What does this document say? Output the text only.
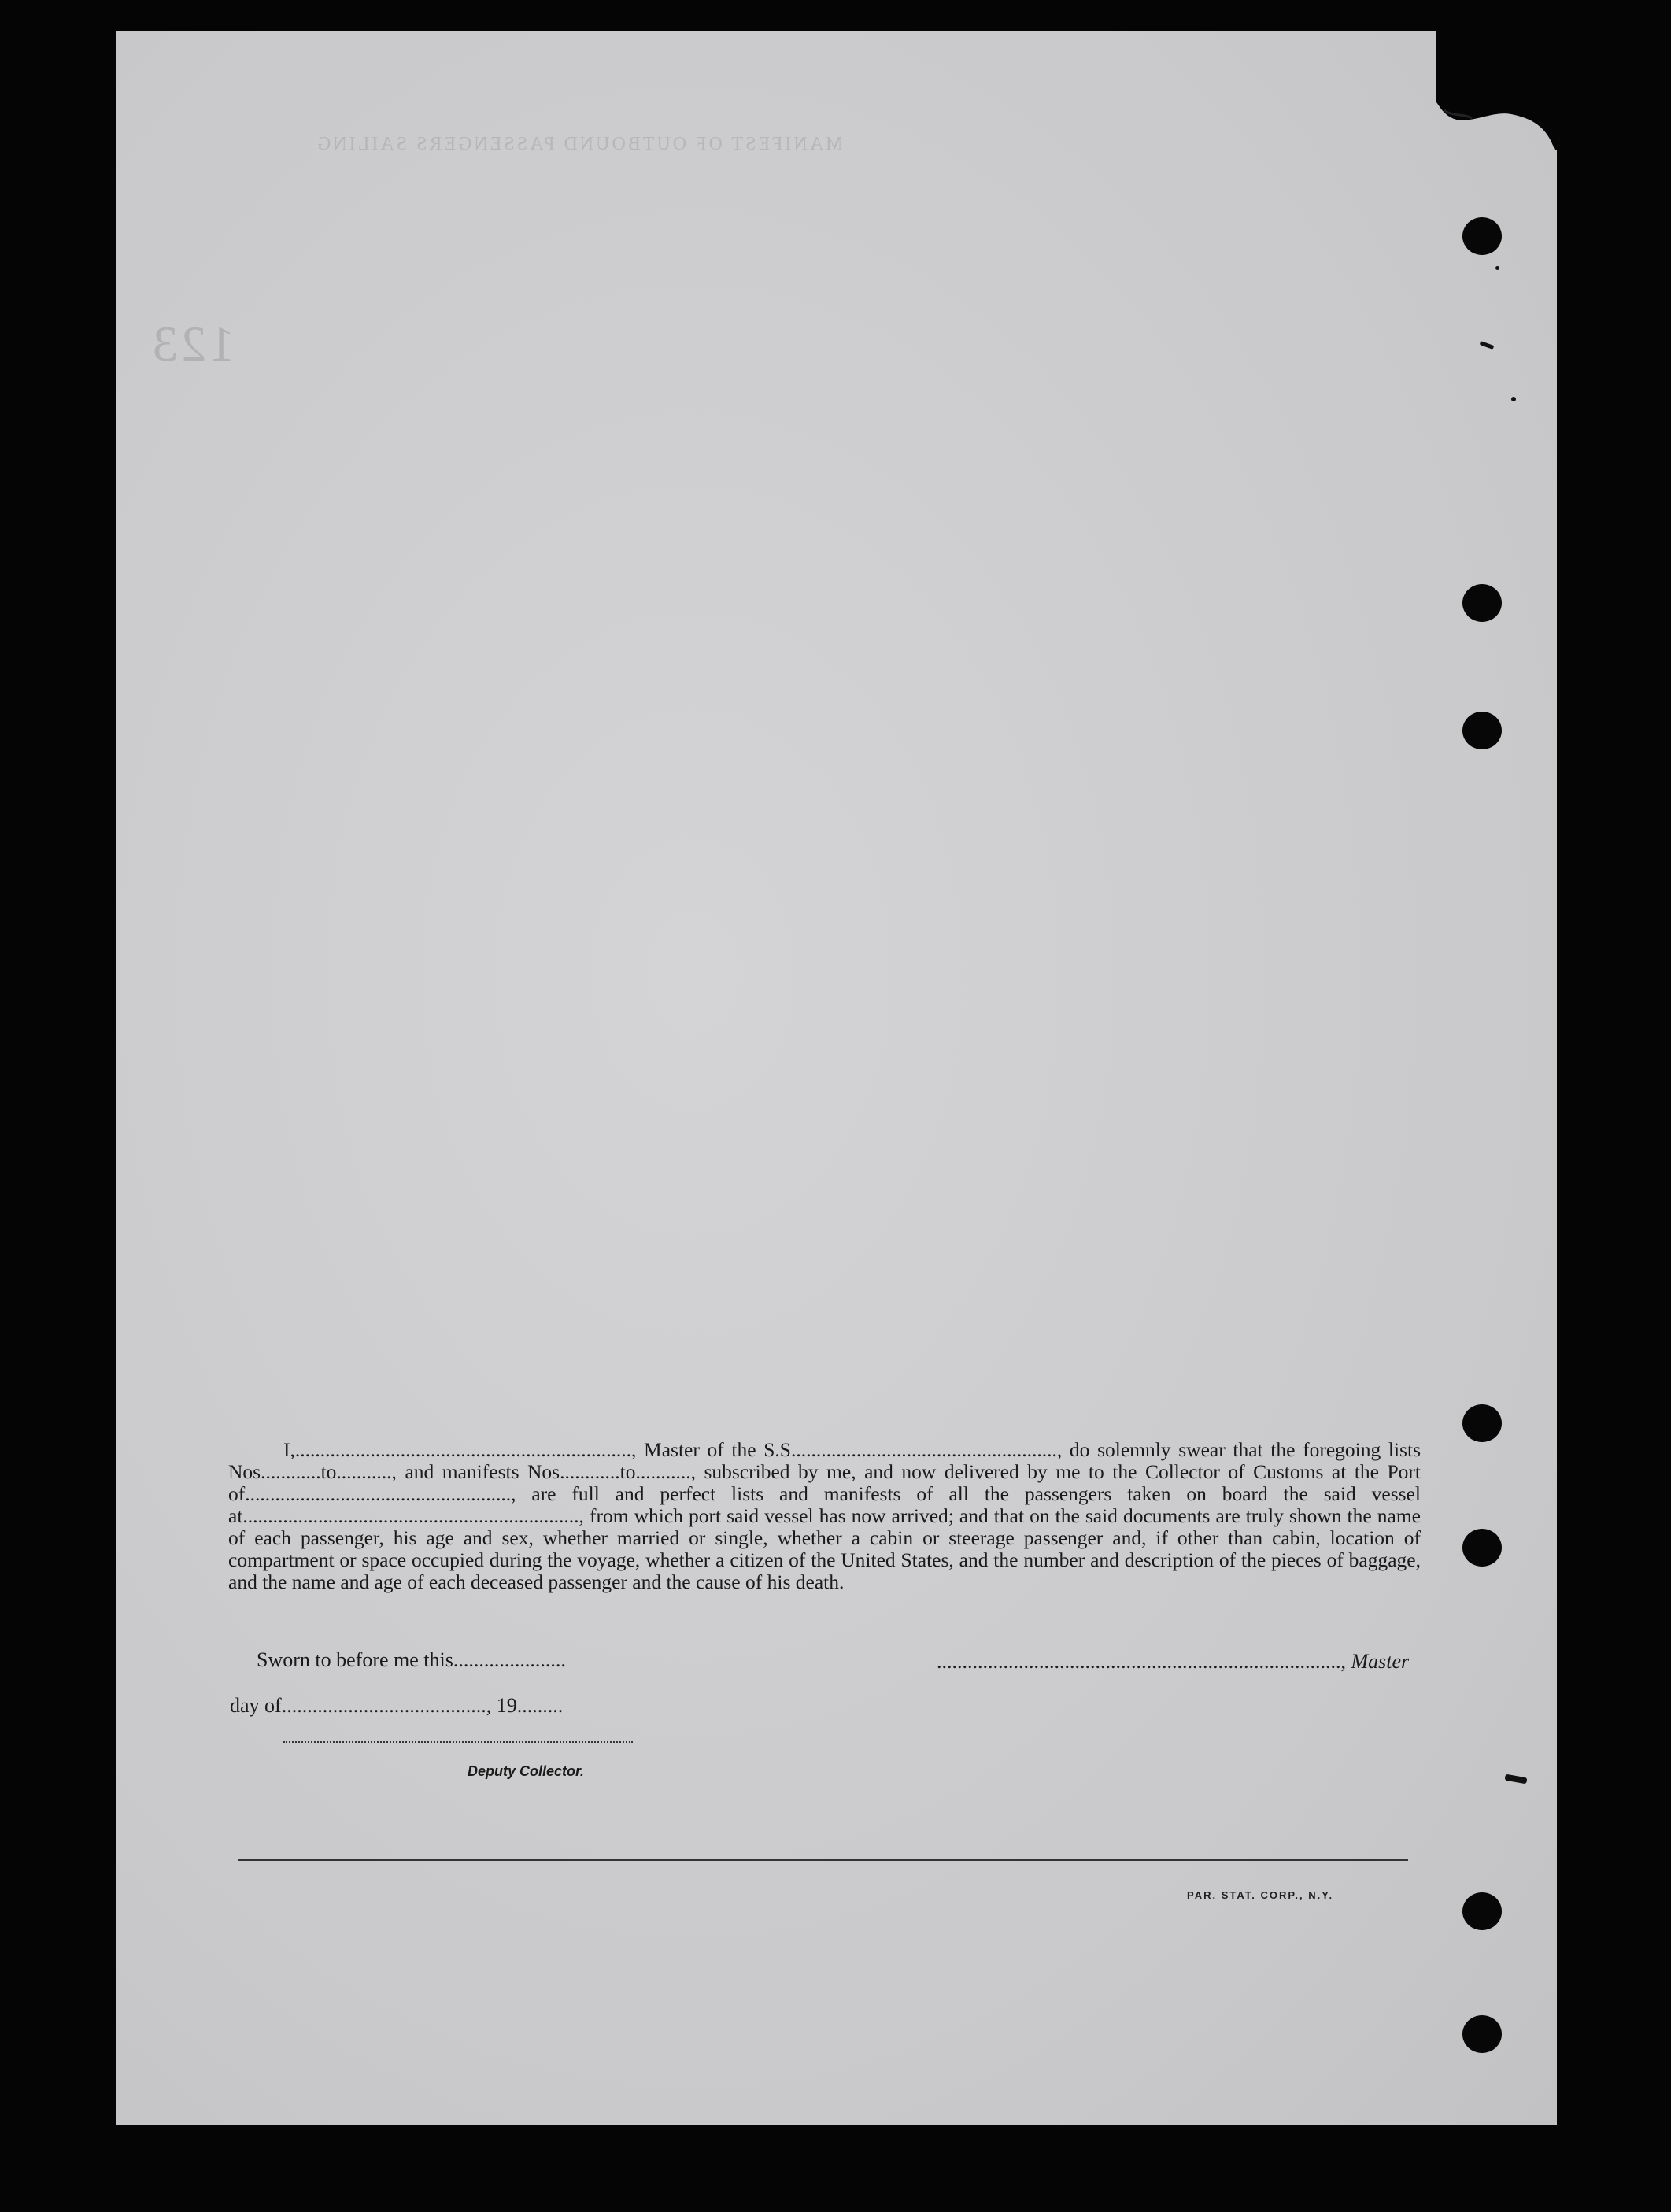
123
MANIFEST OF OUTBOUND PASSENGERS SAILING

I,..................................................................., Master of the S.S....................................................., do solemnly swear that the foregoing lists Nos............to..........., and manifests Nos............to..........., subscribed by me, and now delivered by me to the Collector of Customs at the Port of....................................................., are full and perfect lists and manifests of all the passengers taken on board the said vessel at..................................................................., from which port said vessel has now arrived; and that on the said documents are truly shown the name of each passenger, his age and sex, whether married or single, whether a cabin or steerage passenger and, if other than cabin, location of compartment or space occupied during the voyage, whether a citizen of the United States, and the number and description of the pieces of baggage, and the name and age of each deceased passenger and the cause of his death.

Sworn to before me this......................
day of........................................, 19.........
..............................................................................., Master
Deputy Collector.
PAR. STAT. CORP., N.Y.
